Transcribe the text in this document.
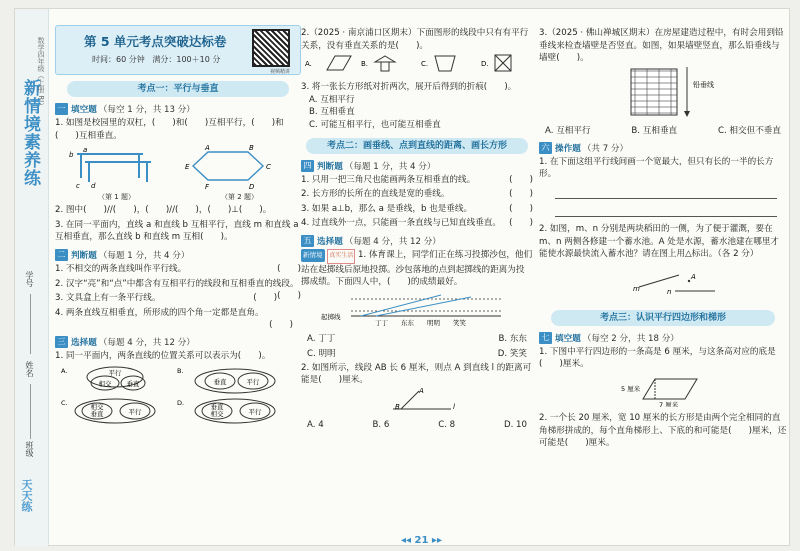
数学四年级（上册 RJ）
新情境素养练
学号
姓名
班级
天天练
第 5 单元考点突破达标卷
时间：60 分钟 满分：100＋10 分
视频精讲
考点一：平行与垂直
一 填空题 （每空 1 分，共 13 分）

1. 如图是校园里的双杠，(　　)和(　　)互相平行，(　　)和(　　)互相垂直。

b
a
c d
A	B
C
D
F
E
（第 1 题）	（第 2 题）

2. 图中(　　)//(　　)，(　　)//(　　)，(　　)⊥(　　)。

3. 在同一平面内，直线 a 和直线 b 互相平行，直线 m 和直线 a 互相垂直，那么直线 b 和直线 m 互相(　　)。

二 判断题 （每题 1 分，共 4 分）

1. 不相交的两条直线叫作平行线。	(　　)

2. 汉字“亮”和“点”中都含有互相平行的线段和互相垂直的线段。
(　　)

3. 文具盒上有一条平行线。	(　　)

4. 两条直线互相垂直，所形成的四个角一定都是直角。

(　　)
三 选择题 （每题 4 分，共 12 分）

1. 同一平面内，两条直线的位置关系可以表示为(　　)。

A.	平行
相交 垂直
B.
垂直	平行
C.	相交
垂直	平行
D.	垂直
相交	平行

2.（2025 · 南京浦口区期末）下面图形的线段中只有有平行关系，没有垂直关系的是(　　)。

A.	B.	C.	D.

3. 将一张长方形纸对折两次，展开后得到的折痕(　　)。

A. 互相平行

B. 互相垂直

C. 可能互相平行，也可能互相垂直

考点二：画垂线、点到直线的距离、画长方形
四 判断题 （每题 1 分，共 4 分）

1. 只用一把三角尺也能画两条互相垂直的线。	(　　)

2. 长方形的长所在的直线是宽的垂线。	(　　)

3. 如果 a⊥b，那么 a 是垂线，b 也是垂线。	(　　)

4. 过直线外一点，只能画一条直线与已知直线垂直。 (　　)

五 选择题 （每题 4 分，共 12 分）

新情境 真实生活 1. 体育课上，同学们正在练习投掷沙包，他们站在起掷线后原地投掷。沙包落地的点到起掷线的距离为投掷成绩。下面四人中，(　　)的成绩最好。

起掷线
丁丁 东东 明明 笑笑
A. 丁丁	B. 东东
C. 明明	D. 笑笑

2. 如图所示，线段 AB 长 6 厘米，则点 A 到直线 l 的距离可能是(　　)厘米。

A
B	l
A. 4	B. 6	C. 8	D. 10

3.（2025 · 佛山禅城区期末）在房屋建造过程中，有时会用到铅垂线来检查墙壁是否竖直。如图，如果墙壁竖直，那么铅垂线与墙壁(　　)。

铅垂线
A. 互相平行	B. 互相垂直	C. 相交但不垂直
六 操作题 （共 7 分）

1. 在下面这组平行线间画一个宽最大，但只有长的一半的长方形。

2. 如图，m、n 分别是两块稻田的一侧，为了便于灌溉，要在 m、n 两侧各修建一个蓄水池。A 处是水源，蓄水池建在哪里才能使水源最快流入蓄水池？请在图上用△标出。（各 2 分）

m	n
A
考点三：认识平行四边形和梯形
七 填空题 （每空 2 分，共 18 分）

1. 下图中平行四边形的一条高是 6 厘米，与这条高对应的底是(　　)厘米。

5 厘米
7 厘米

2. 一个长 20 厘米，宽 10 厘米的长方形是由两个完全相同的直角梯形拼成的，每个直角梯形上、下底的和可能是(　　)厘米，还可能是(　　)厘米。

◂◂ 21 ▸▸
